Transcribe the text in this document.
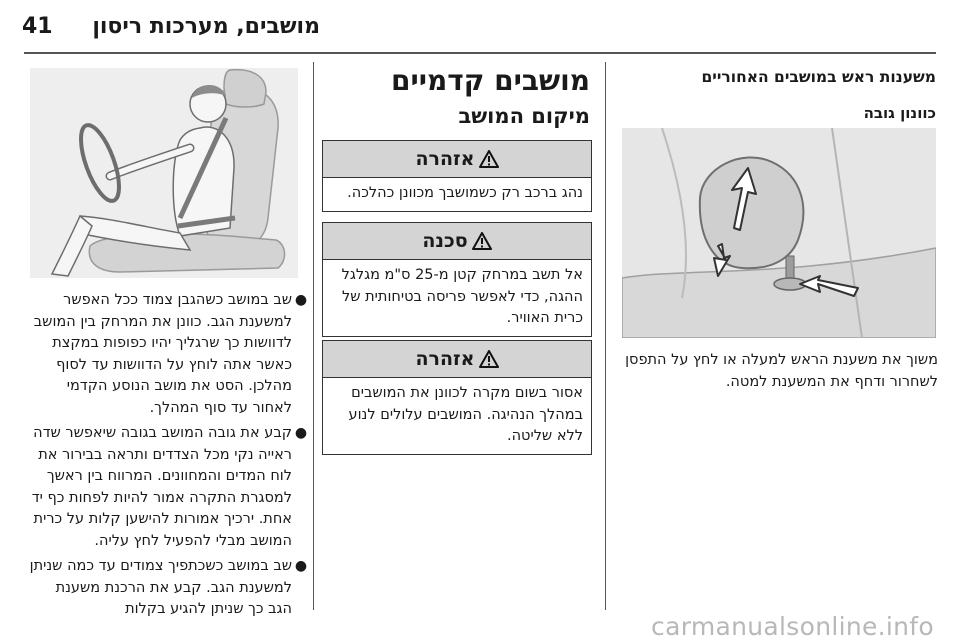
מושבים, מערכות ריסון
41
●
שב במושב כשהגבן צמוד ככל האפשר למשענת הגב. כוונן את המרחק בין המושב לדוושות כך שרגליך יהיו כפופות במקצת כאשר אתה לוחץ על הדוושות עד לסוף מהלכן. הסט את מושב הנוסע הקדמי לאחור עד סוף המהלך.
●
קבע את גובה המושב בגובה שיאפשר שדה ראייה נקי מכל הצדדים ותראה בבירור את לוח המדים והמחוונים. המרווח בין ראשך למסגרת התקרה אמור להיות לפחות כף יד אחת. ירכיך אמורות להישען קלות על כרית המושב מבלי להפעיל לחץ עליה.
●
שב במושב כשכתפיך צמודים עד כמה שניתן למשענת הגב. קבע את הרכנת משענת הגב כך שניתן להגיע בקלות
מושבים קדמיים
מיקום המושב
אזהרה
נהג ברכב רק כשמושבך מכוונן כהלכה.
סכנה
אל תשב במרחק קטן מ-25 ס"מ מגלגל ההגה, כדי לאפשר פריסה בטיחותית של כרית האוויר.
אזהרה
אסור בשום מקרה לכוונן את המושבים במהלך הנהיגה. המושבים עלולים לנוע ללא שליטה.
משענות ראש במושבים האחוריים
כוונון גובה
משוך את משענת הראש למעלה או לחץ על התפסן לשחרור ודחף את המשענת למטה.
carmanualsonline.info
